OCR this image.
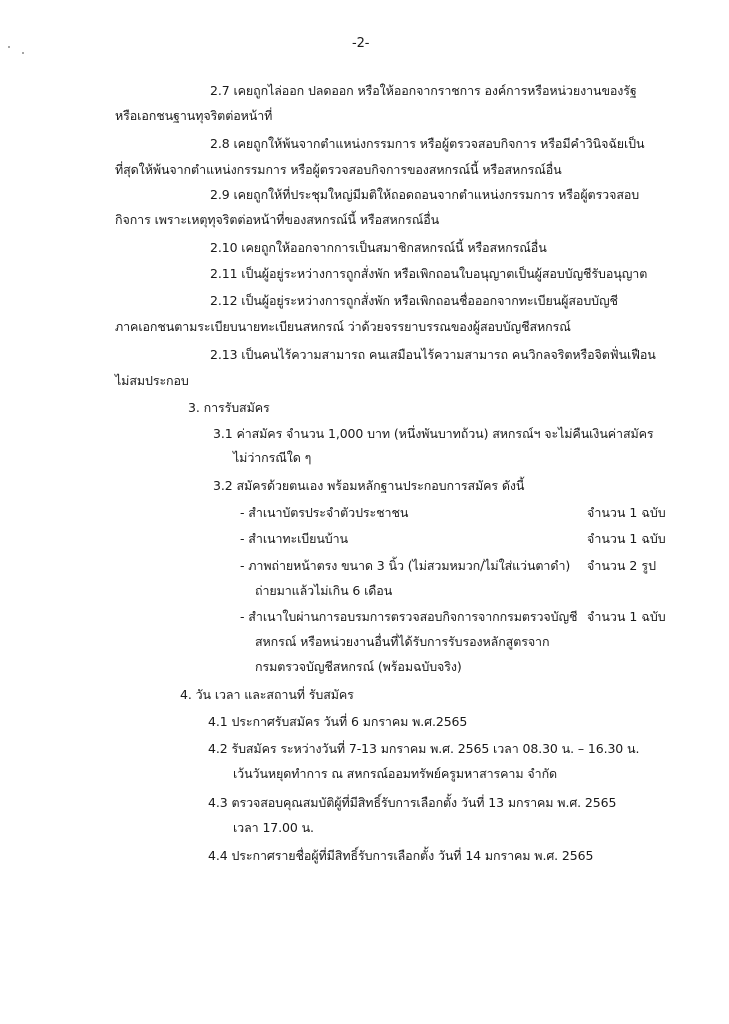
-2-
2.7 เคยถูกไล่ออก ปลดออก หรือให้ออกจากราชการ องค์การหรือหน่วยงานของรัฐ
หรือเอกชนฐานทุจริตต่อหน้าที่
2.8 เคยถูกให้พ้นจากตำแหน่งกรรมการ หรือผู้ตรวจสอบกิจการ หรือมีคำวินิจฉัยเป็น
ที่สุดให้พ้นจากตำแหน่งกรรมการ หรือผู้ตรวจสอบกิจการของสหกรณ์นี้ หรือสหกรณ์อื่น
2.9 เคยถูกให้ที่ประชุมใหญ่มีมติให้ถอดถอนจากตำแหน่งกรรมการ หรือผู้ตรวจสอบ
กิจการ เพราะเหตุทุจริตต่อหน้าที่ของสหกรณ์นี้ หรือสหกรณ์อื่น
2.10 เคยถูกให้ออกจากการเป็นสมาชิกสหกรณ์นี้ หรือสหกรณ์อื่น
2.11 เป็นผู้อยู่ระหว่างการถูกสั่งพัก หรือเพิกถอนใบอนุญาตเป็นผู้สอบบัญชีรับอนุญาต
2.12 เป็นผู้อยู่ระหว่างการถูกสั่งพัก หรือเพิกถอนชื่อออกจากทะเบียนผู้สอบบัญชี
ภาคเอกชนตามระเบียบนายทะเบียนสหกรณ์ ว่าด้วยจรรยาบรรณของผู้สอบบัญชีสหกรณ์
2.13 เป็นคนไร้ความสามารถ คนเสมือนไร้ความสามารถ คนวิกลจริตหรือจิตฟั่นเฟือน
ไม่สมประกอบ
3. การรับสมัคร
3.1 ค่าสมัคร จำนวน 1,000 บาท (หนึ่งพันบาทถ้วน) สหกรณ์ฯ จะไม่คืนเงินค่าสมัคร
ไม่ว่ากรณีใด ๆ
3.2 สมัครด้วยตนเอง พร้อมหลักฐานประกอบการสมัคร ดังนี้
- สำเนาบัตรประจำตัวประชาชน	จำนวน 1 ฉบับ
- สำเนาทะเบียนบ้าน	จำนวน 1 ฉบับ
- ภาพถ่ายหน้าตรง ขนาด 3 นิ้ว (ไม่สวมหมวก/ไม่ใส่แว่นตาดำ) จำนวน 2 รูป
ถ่ายมาแล้วไม่เกิน 6 เดือน
- สำเนาใบผ่านการอบรมการตรวจสอบกิจการจากกรมตรวจบัญชี จำนวน 1 ฉบับ
สหกรณ์ หรือหน่วยงานอื่นที่ได้รับการรับรองหลักสูตรจาก
กรมตรวจบัญชีสหกรณ์ (พร้อมฉบับจริง)
4. วัน เวลา และสถานที่ รับสมัคร
4.1 ประกาศรับสมัคร วันที่ 6 มกราคม พ.ศ.2565
4.2 รับสมัคร ระหว่างวันที่ 7-13 มกราคม พ.ศ. 2565 เวลา 08.30 น. – 16.30 น.
เว้นวันหยุดทำการ ณ สหกรณ์ออมทรัพย์ครูมหาสารคาม จำกัด
4.3 ตรวจสอบคุณสมบัติผู้ที่มีสิทธิ์รับการเลือกตั้ง วันที่ 13 มกราคม พ.ศ. 2565
เวลา 17.00 น.
4.4 ประกาศรายชื่อผู้ที่มีสิทธิ์รับการเลือกตั้ง วันที่ 14 มกราคม พ.ศ. 2565
